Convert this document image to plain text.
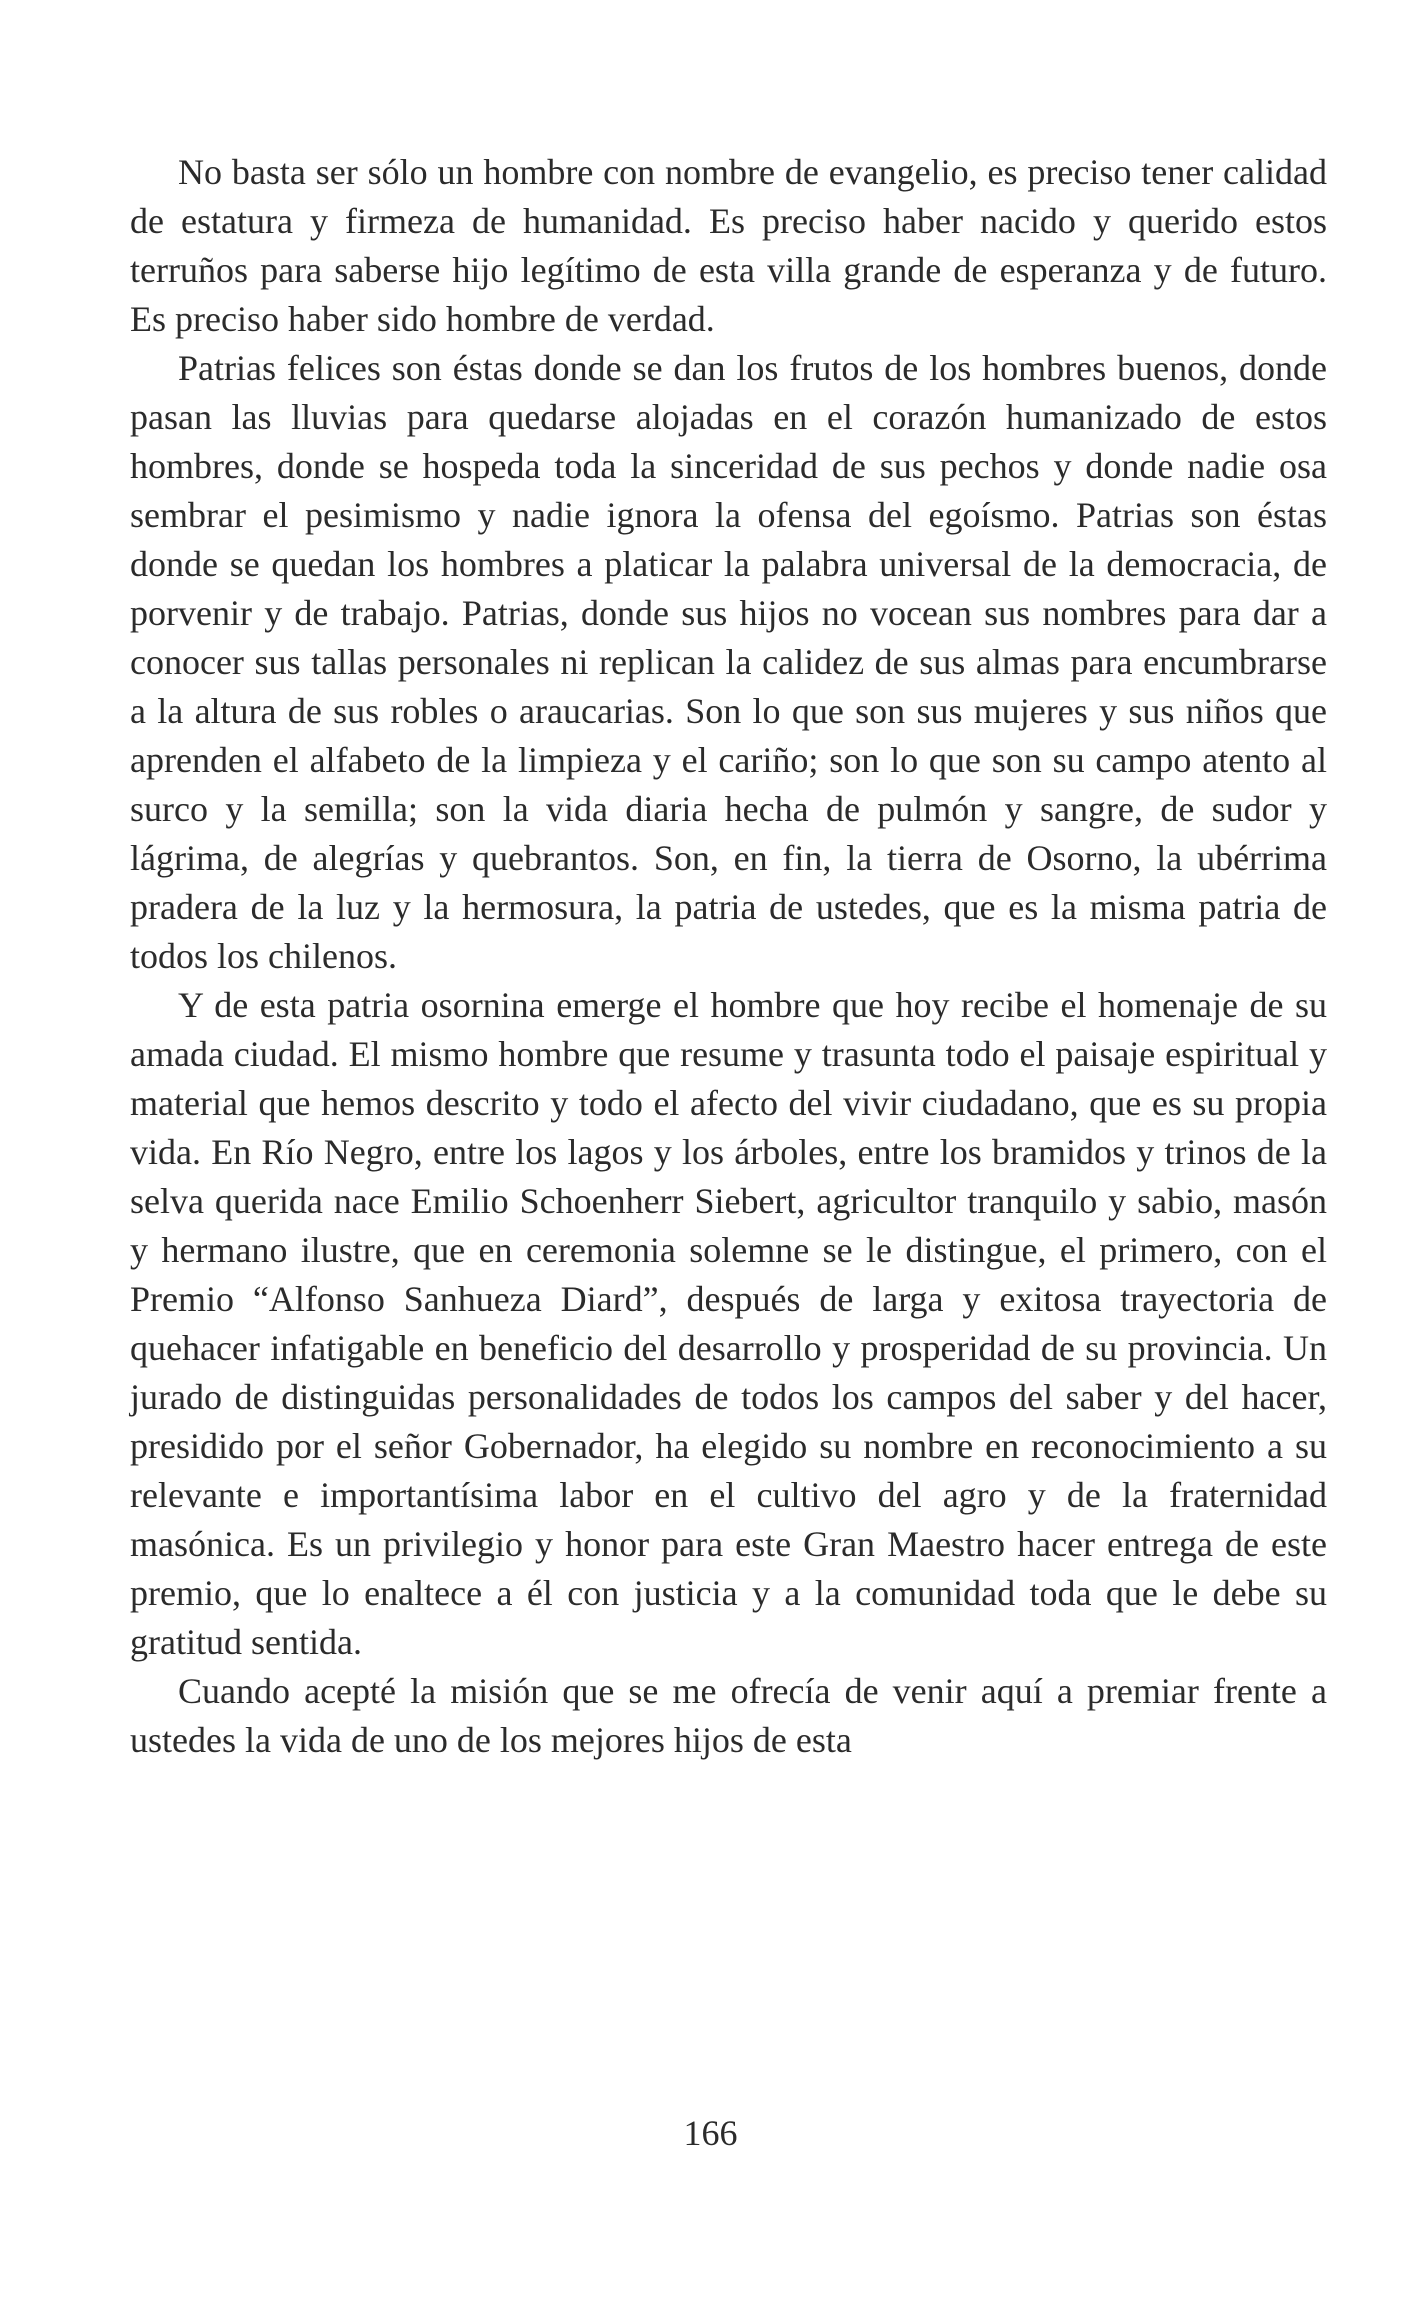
No basta ser sólo un hombre con nombre de evangelio, es preciso tener calidad de estatura y firmeza de humanidad. Es preciso haber nacido y querido estos terruños para saberse hijo legítimo de esta villa grande de esperanza y de futuro. Es preciso haber sido hombre de verdad.

Patrias felices son éstas donde se dan los frutos de los hombres buenos, donde pasan las lluvias para quedarse alojadas en el corazón humanizado de estos hombres, donde se hospeda toda la sinceridad de sus pechos y donde nadie osa sembrar el pesimismo y nadie ignora la ofensa del egoísmo. Patrias son éstas donde se quedan los hombres a platicar la palabra universal de la democracia, de porvenir y de trabajo. Patrias, donde sus hijos no vocean sus nombres para dar a conocer sus tallas personales ni replican la calidez de sus almas para encumbrarse a la altura de sus robles o araucarias. Son lo que son sus mujeres y sus niños que aprenden el alfabeto de la limpieza y el cariño; son lo que son su campo atento al surco y la semilla; son la vida diaria hecha de pulmón y sangre, de sudor y lágrima, de alegrías y quebrantos. Son, en fin, la tierra de Osorno, la ubérrima pradera de la luz y la hermosura, la patria de ustedes, que es la misma patria de todos los chilenos.

Y de esta patria osornina emerge el hombre que hoy recibe el homenaje de su amada ciudad. El mismo hombre que resume y trasunta todo el paisaje espiritual y material que hemos descrito y todo el afecto del vivir ciudadano, que es su propia vida. En Río Negro, entre los lagos y los árboles, entre los bramidos y trinos de la selva querida nace Emilio Schoenherr Siebert, agricultor tranquilo y sabio, masón y hermano ilustre, que en ceremonia solemne se le distingue, el primero, con el Premio “Alfonso Sanhueza Diard”, después de larga y exitosa trayectoria de quehacer infatigable en beneficio del desarrollo y prosperidad de su provincia. Un jurado de distinguidas personalidades de todos los campos del saber y del hacer, presidido por el señor Gobernador, ha elegido su nombre en reconocimiento a su relevante e importantísima labor en el cultivo del agro y de la fraternidad masónica. Es un privilegio y honor para este Gran Maestro hacer entrega de este premio, que lo enaltece a él con justicia y a la comunidad toda que le debe su gratitud sentida.

Cuando acepté la misión que se me ofrecía de venir aquí a premiar frente a ustedes la vida de uno de los mejores hijos de esta

166
